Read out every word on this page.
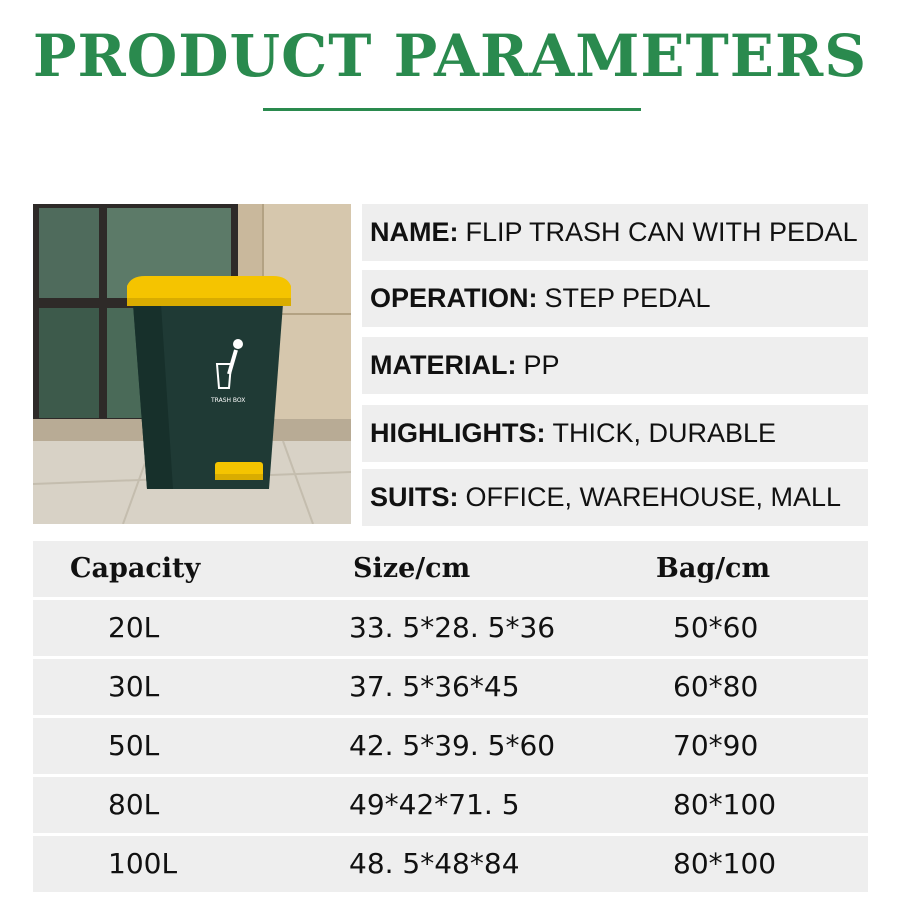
PRODUCT PARAMETERS
TRASH BOX
NAME: FLIP TRASH CAN WITH PEDAL
OPERATION: STEP PEDAL
MATERIAL: PP
HIGHLIGHTS: THICK, DURABLE
SUITS: OFFICE, WAREHOUSE, MALL
Capacity	Size/cm	Bag/cm
20L	33. 5*28. 5*36	50*60
30L	37. 5*36*45	60*80
50L	42. 5*39. 5*60	70*90
80L	49*42*71. 5	80*100
100L	48. 5*48*84	80*100
